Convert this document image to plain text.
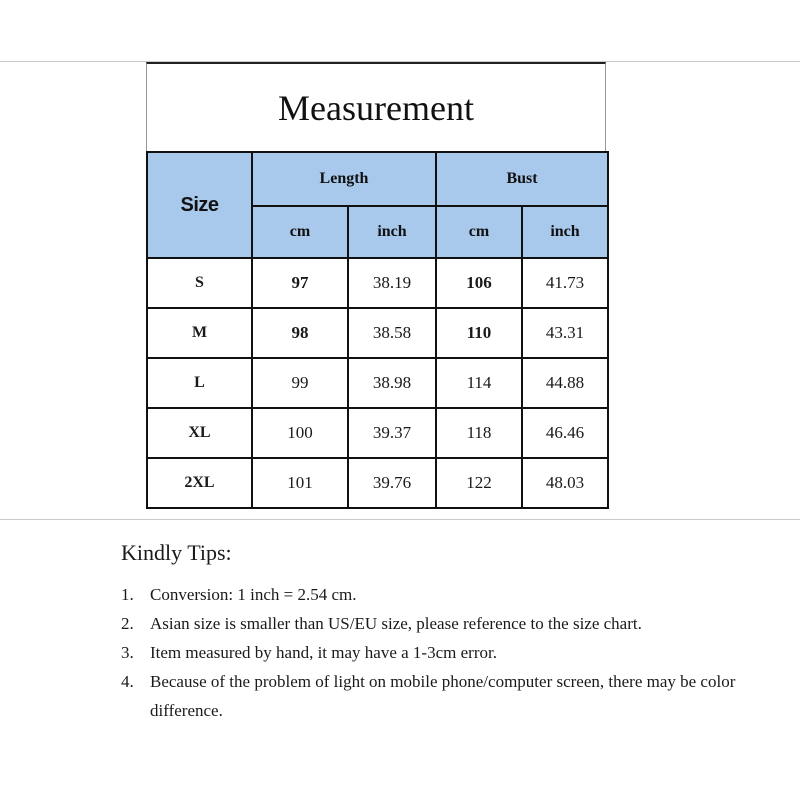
Measurement
Size	Length		Bust	
	cm	inch	cm	inch
S	97	38.19	106	41.73
M	98	38.58	110	43.31
L	99	38.98	114	44.88
XL	100	39.37	118	46.46
2XL	101	39.76	122	48.03
Kindly Tips:
1. Conversion: 1 inch = 2.54 cm.
2. Asian size is smaller than US/EU size, please reference to the size chart.
3. Item measured by hand, it may have a 1-3cm error.
4. Because of the problem of light on mobile phone/computer screen, there may be color difference.
